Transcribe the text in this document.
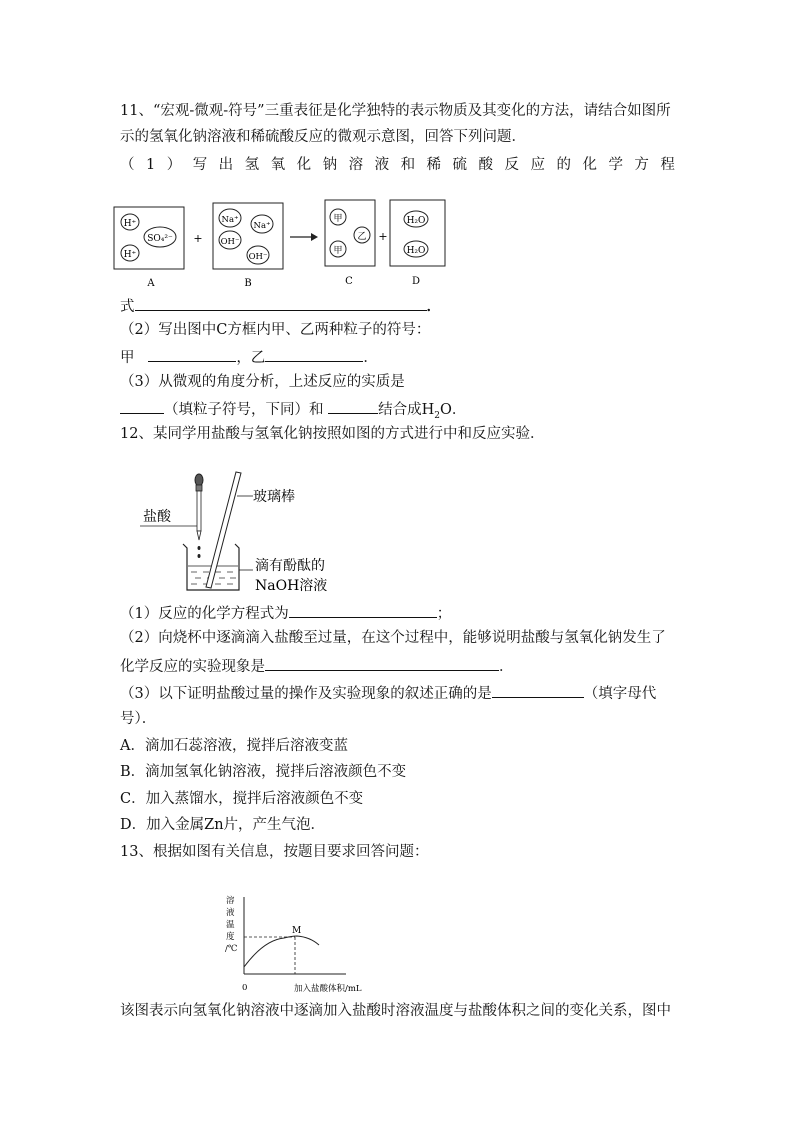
11、“宏观-微观-符号”三重表征是化学独特的表示物质及其变化的方法，请结合如图所
示的氢氧化钠溶液和稀硫酸反应的微观示意图，回答下列问题．
（ 1 ） 写 出 氢 氧 化 钠 溶 液 和 稀 硫 酸 反 应 的 化 学 方 程
H⁺
H⁺
SO₄²⁻
A
+
Na⁺
Na⁺
OH⁻
OH⁻
B
甲
甲
乙
C
+
H₂O
H₂O
D
式	．
（2）写出图中C方框内甲、乙两种粒子的符号：
甲	，乙	．
（3）从微观的角度分析，上述反应的实质是
（填粒子符号，下同）和	结合成$H_2O$．
12、某同学用盐酸与氢氧化钠按照如图的方式进行中和反应实验．
盐酸
玻璃棒
滴有酚酞的
NaOH溶液
（1）反应的化学方程式为	；
（2）向烧杯中逐滴滴入盐酸至过量，在这个过程中，能够说明盐酸与氢氧化钠发生了
化学反应的实验现象是	．
（3）以下证明盐酸过量的操作及实验现象的叙述正确的是	（填字母代
号）．
A．滴加石蕊溶液，搅拌后溶液变蓝
B．滴加氢氧化钠溶液，搅拌后溶液颜色不变
C．加入蒸馏水，搅拌后溶液颜色不变
D．加入金属Zn片，产生气泡．
13、根据如图有关信息，按题目要求回答问题：
溶
液
温
度
/℃
M
0	加入盐酸体积/mL
该图表示向氢氧化钠溶液中逐滴加入盐酸时溶液温度与盐酸体积之间的变化关系，图中
